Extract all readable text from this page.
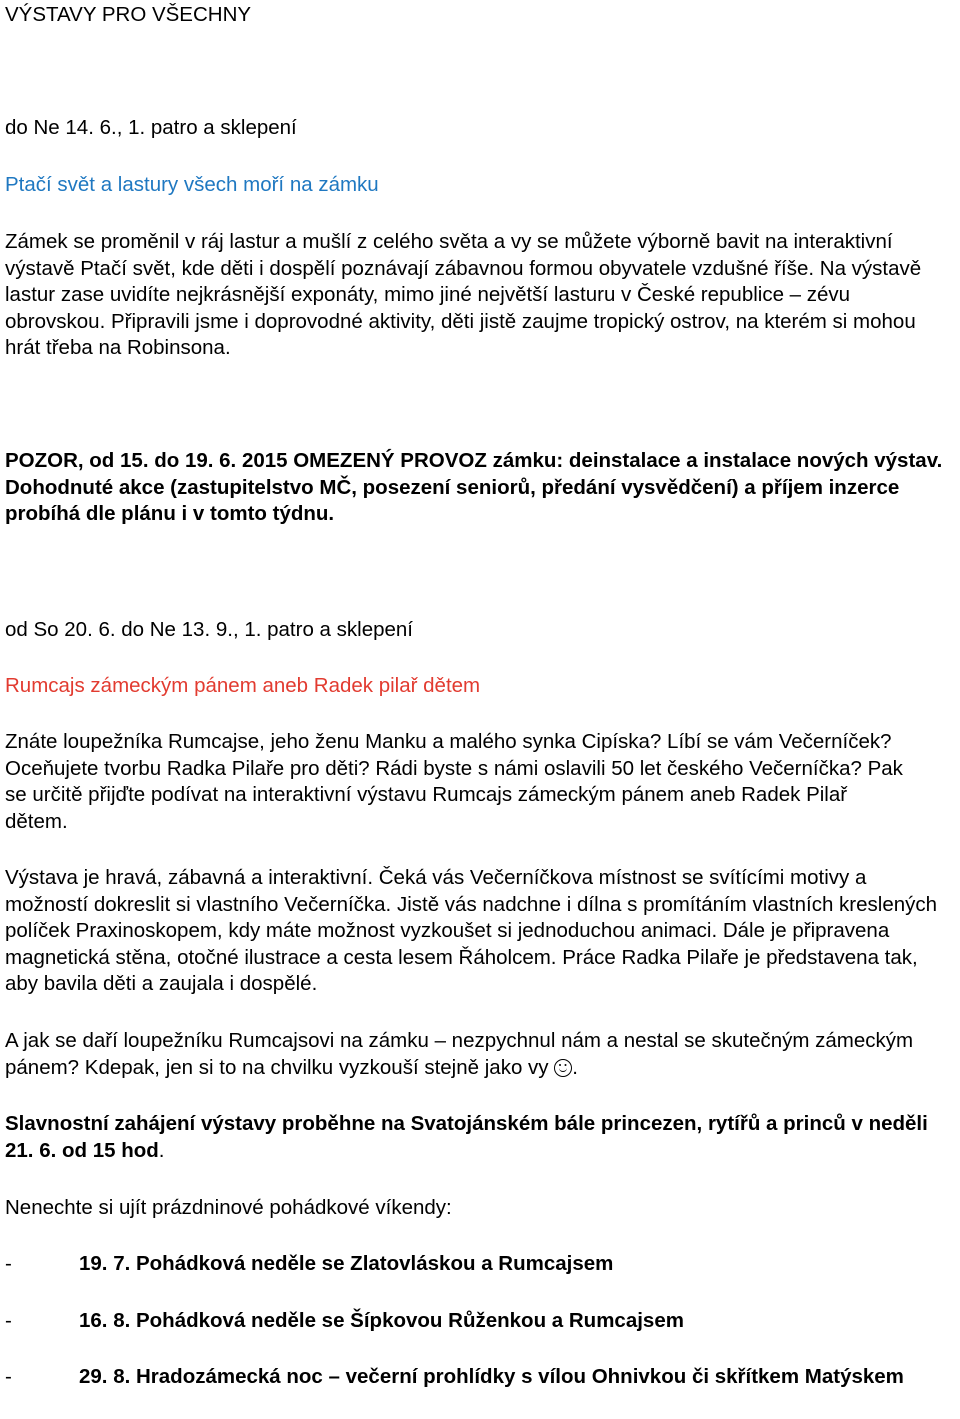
VÝSTAVY PRO VŠECHNY

do Ne 14. 6., 1. patro a sklepení

Ptačí svět a lastury všech moří na zámku

Zámek se proměnil v ráj lastur a mušlí z celého světa a vy se můžete výborně bavit na interaktivní výstavě Ptačí svět, kde děti i dospělí poznávají zábavnou formou obyvatele vzdušné říše. Na výstavě lastur zase uvidíte nejkrásnější exponáty, mimo jiné největší lasturu v České republice – zévu obrovskou. Připravili jsme i doprovodné aktivity, děti jistě zaujme tropický ostrov, na kterém si mohou hrát třeba na Robinsona.

POZOR, od 15. do 19. 6. 2015 OMEZENÝ PROVOZ zámku: deinstalace a instalace nových výstav. Dohodnuté akce (zastupitelstvo MČ, posezení seniorů, předání vysvědčení) a příjem inzerce probíhá dle plánu i v tomto týdnu.

od So 20. 6. do Ne 13. 9., 1. patro a sklepení

Rumcajs zámeckým pánem aneb Radek pilař dětem

Znáte loupežníka Rumcajse, jeho ženu Manku a malého synka Cipíska? Líbí se vám Večerníček? Oceňujete tvorbu Radka Pilaře pro děti? Rádi byste s námi oslavili 50 let českého Večerníčka? Pak se určitě přijďte podívat na interaktivní výstavu Rumcajs zámeckým pánem aneb Radek Pilař dětem.

Výstava je hravá, zábavná a interaktivní. Čeká vás Večerníčkova místnost se svítícími motivy a možností dokreslit si vlastního Večerníčka. Jistě vás nadchne i dílna s promítáním vlastních kreslených políček Praxinoskopem, kdy máte možnost vyzkoušet si jednoduchou animaci. Dále je připravena magnetická stěna, otočné ilustrace a cesta lesem Řáholcem. Práce Radka Pilaře je představena tak, aby bavila děti a zaujala i dospělé.

A jak se daří loupežníku Rumcajsovi na zámku – nezpychnul nám a nestal se skutečným zámeckým pánem? Kdepak, jen si to na chvilku vyzkouší stejně jako vy .

Slavnostní zahájení výstavy proběhne na Svatojánském bále princezen, rytířů a princů v neděli 21. 6. od 15 hod.

Nenechte si ujít prázdninové pohádkové víkendy:

-	19. 7. Pohádková neděle se Zlatovláskou a Rumcajsem
-	16. 8. Pohádková neděle se Šípkovou Růženkou a Rumcajsem
-	29. 8. Hradozámecká noc – večerní prohlídky s vílou Ohnivkou či skřítkem Matýskem
